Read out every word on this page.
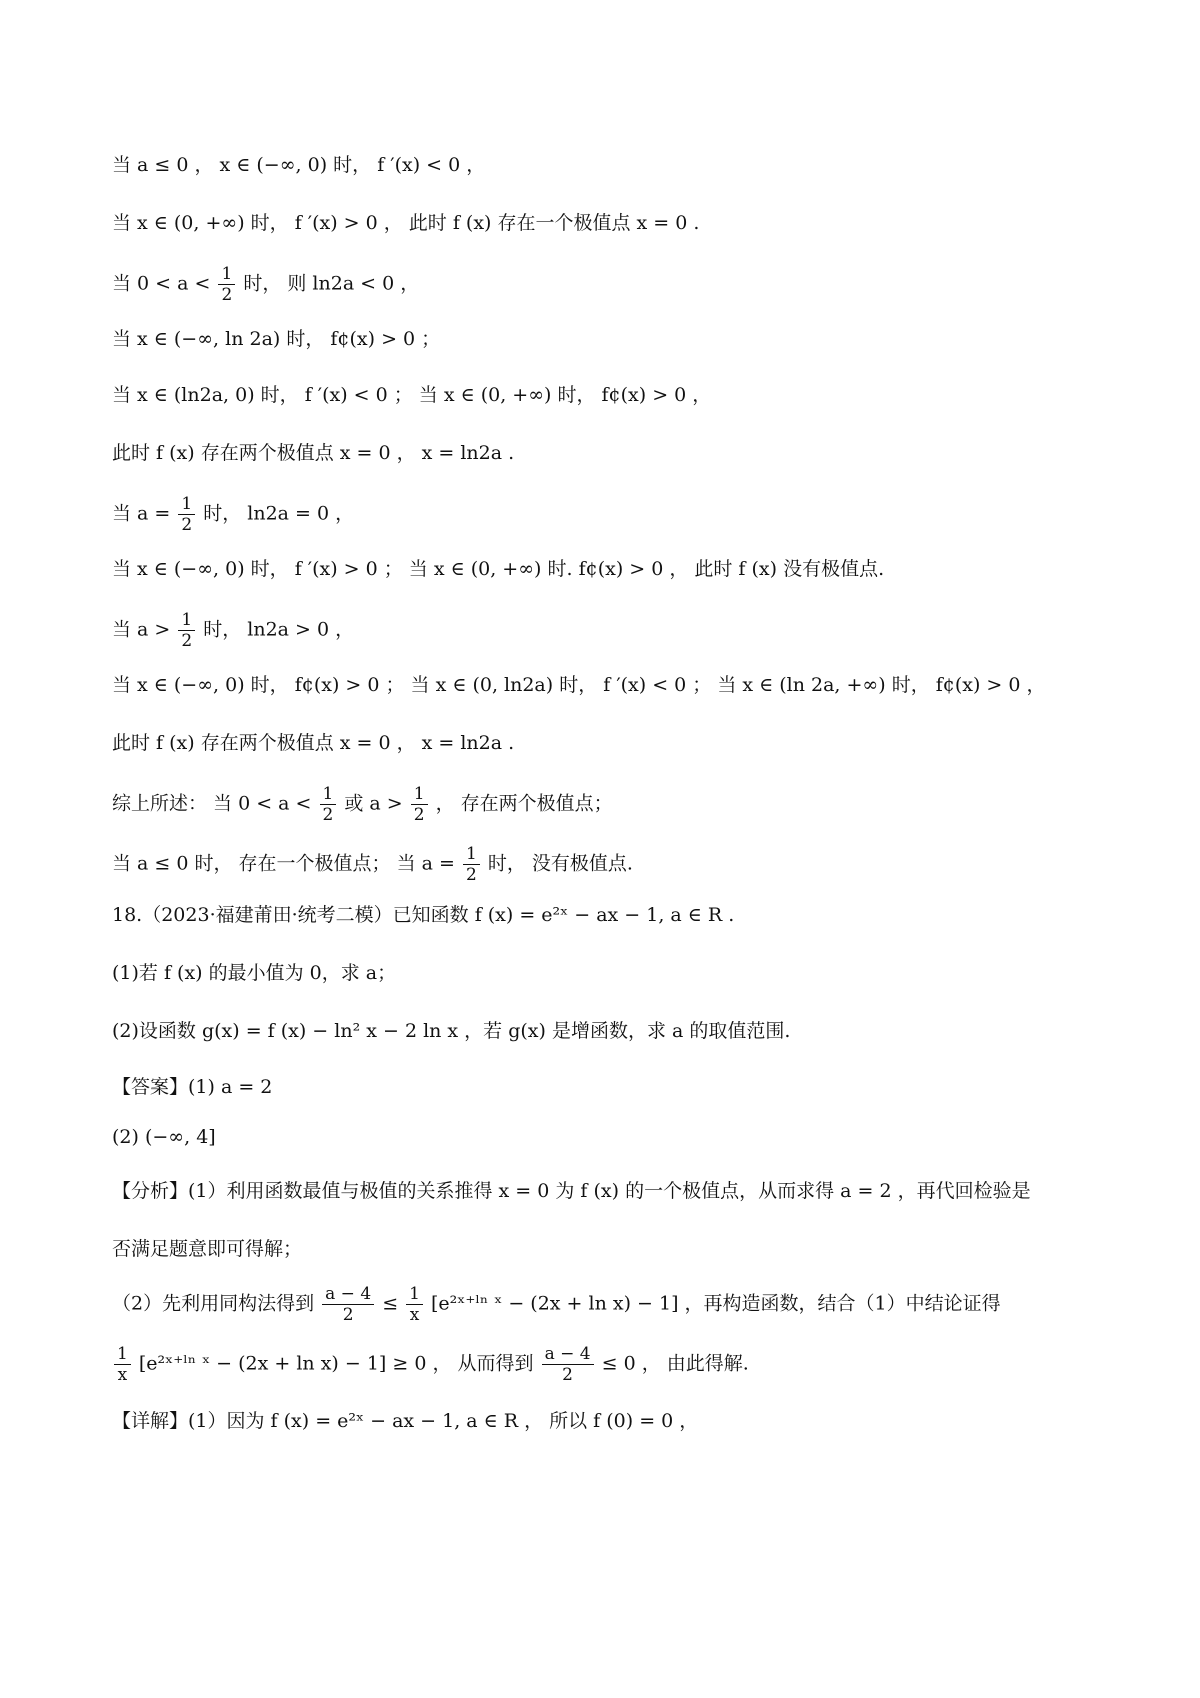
当 a ≤ 0 ， x ∈ (−∞, 0) 时， f ′(x) < 0 ，
当 x ∈ (0, +∞) 时， f ′(x) > 0 ， 此时 f (x) 存在一个极值点 x = 0 .
当 $0 < a < \frac{1}{2}$ 时， 则 ln2a < 0 ，
当 x ∈ (−∞, ln 2a) 时， f¢(x) > 0 ；
当 x ∈ (ln2a, 0) 时， f ′(x) < 0 ； 当 x ∈ (0, +∞) 时， f¢(x) > 0 ，
此时 f (x) 存在两个极值点 x = 0 ， x = ln2a .
当 $a = \frac{1}{2}$ 时， ln2a = 0 ，
当 x ∈ (−∞, 0) 时， f ′(x) > 0 ； 当 x ∈ (0, +∞) 时. f¢(x) > 0 ， 此时 f (x) 没有极值点.
当 $a > \frac{1}{2}$ 时， ln2a > 0 ，
当 x ∈ (−∞, 0) 时， f¢(x) > 0 ； 当 x ∈ (0, ln2a) 时， f ′(x) < 0 ； 当 x ∈ (ln 2a, +∞) 时， f¢(x) > 0 ，
此时 f (x) 存在两个极值点 x = 0 ， x = ln2a .
综上所述： 当 $0 < a < \frac{1}{2}$ 或 $a > \frac{1}{2}$ ， 存在两个极值点；
当 a ≤ 0 时， 存在一个极值点； 当 $a = \frac{1}{2}$ 时， 没有极值点.
18.（2023·福建莆田·统考二模）已知函数 f (x) = e²ˣ − ax − 1, a ∈ R .
(1)若 f (x) 的最小值为 0，求 a；
(2)设函数 g(x) = f (x) − ln² x − 2 ln x ，若 g(x) 是增函数，求 a 的取值范围.
【答案】(1) a = 2
(2) (−∞, 4]
【分析】(1）利用函数最值与极值的关系推得 x = 0 为 f (x) 的一个极值点，从而求得 a = 2 ，再代回检验是
否满足题意即可得解；
（2）先利用同构法得到 $\frac{a - 4}{2} \le \frac{1}{x}$ [e²ˣ⁺ˡⁿ ˣ − (2x + ln x) − 1] ，再构造函数，结合（1）中结论证得
$\frac{1}{x}$ [e²ˣ⁺ˡⁿ ˣ − (2x + ln x) − 1] ≥ 0 ， 从而得到 $\frac{a - 4}{2} \le 0$ ， 由此得解.
【详解】(1）因为 f (x) = e²ˣ − ax − 1, a ∈ R ， 所以 f (0) = 0 ，
